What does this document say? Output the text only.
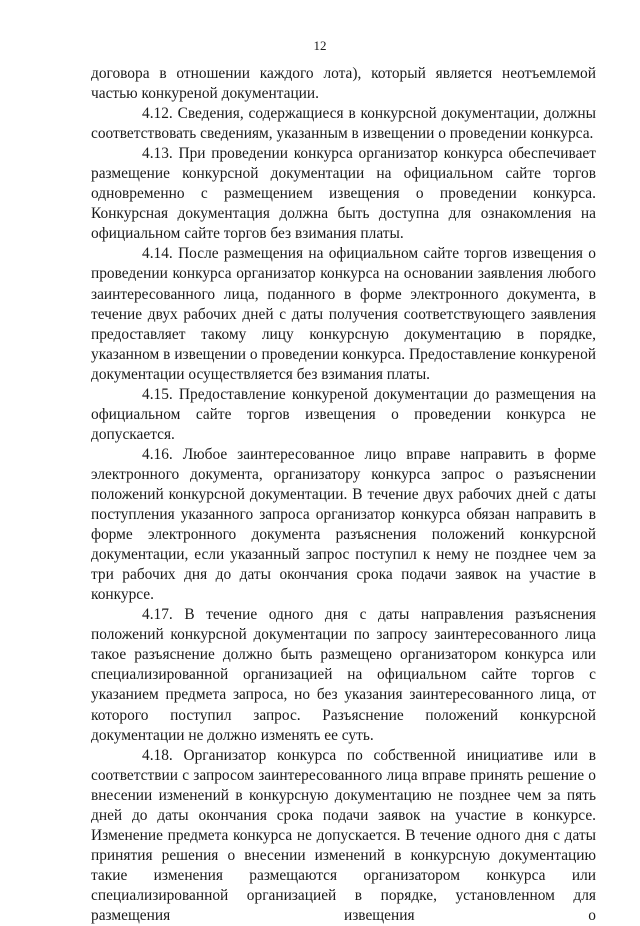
12

договора в отношении каждого лота), который является неотъемлемой частью конкуреной документации.

4.12. Сведения, содержащиеся в конкурсной документации, должны соответствовать сведениям, указанным в извещении о проведении конкурса.

4.13. При проведении конкурса организатор конкурса обеспечивает размещение конкурсной документации на официальном сайте торгов одновременно с размещением извещения о проведении конкурса. Конкурсная документация должна быть доступна для ознакомления на официальном сайте торгов без взимания платы.

4.14. После размещения на официальном сайте торгов извещения о проведении конкурса организатор конкурса на основании заявления любого заинтересованного лица, поданного в форме электронного документа, в течение двух рабочих дней с даты получения соответствующего заявления предоставляет такому лицу конкурсную документацию в порядке, указанном в извещении о проведении конкурса. Предоставление конкуреной документации осуществляется без взимания платы.

4.15. Предоставление конкуреной документации до размещения на официальном сайте торгов извещения о проведении конкурса не допускается.

4.16. Любое заинтересованное лицо вправе направить в форме электронного документа, организатору конкурса запрос о разъяснении положений конкурсной документации. В течение двух рабочих дней с даты поступления указанного запроса организатор конкурса обязан направить в форме электронного документа разъяснения положений конкурсной документации, если указанный запрос поступил к нему не позднее чем за три рабочих дня до даты окончания срока подачи заявок на участие в конкурсе.

4.17. В течение одного дня с даты направления разъяснения положений конкурсной документации по запросу заинтересованного лица такое разъяснение должно быть размещено организатором конкурса или специализированной организацией на официальном сайте торгов с указанием предмета запроса, но без указания заинтересованного лица, от которого поступил запрос. Разъяснение положений конкурсной документации не должно изменять ее суть.

4.18. Организатор конкурса по собственной инициативе или в соответствии с запросом заинтересованного лица вправе принять решение о внесении изменений в конкурсную документацию не позднее чем за пять дней до даты окончания срока подачи заявок на участие в конкурсе. Изменение предмета конкурса не допускается. В течение одного дня с даты принятия решения о внесении изменений в конкурсную документацию такие изменения размещаются организатором конкурса или специализированной организацией в порядке, установленном для размещения извещения о
